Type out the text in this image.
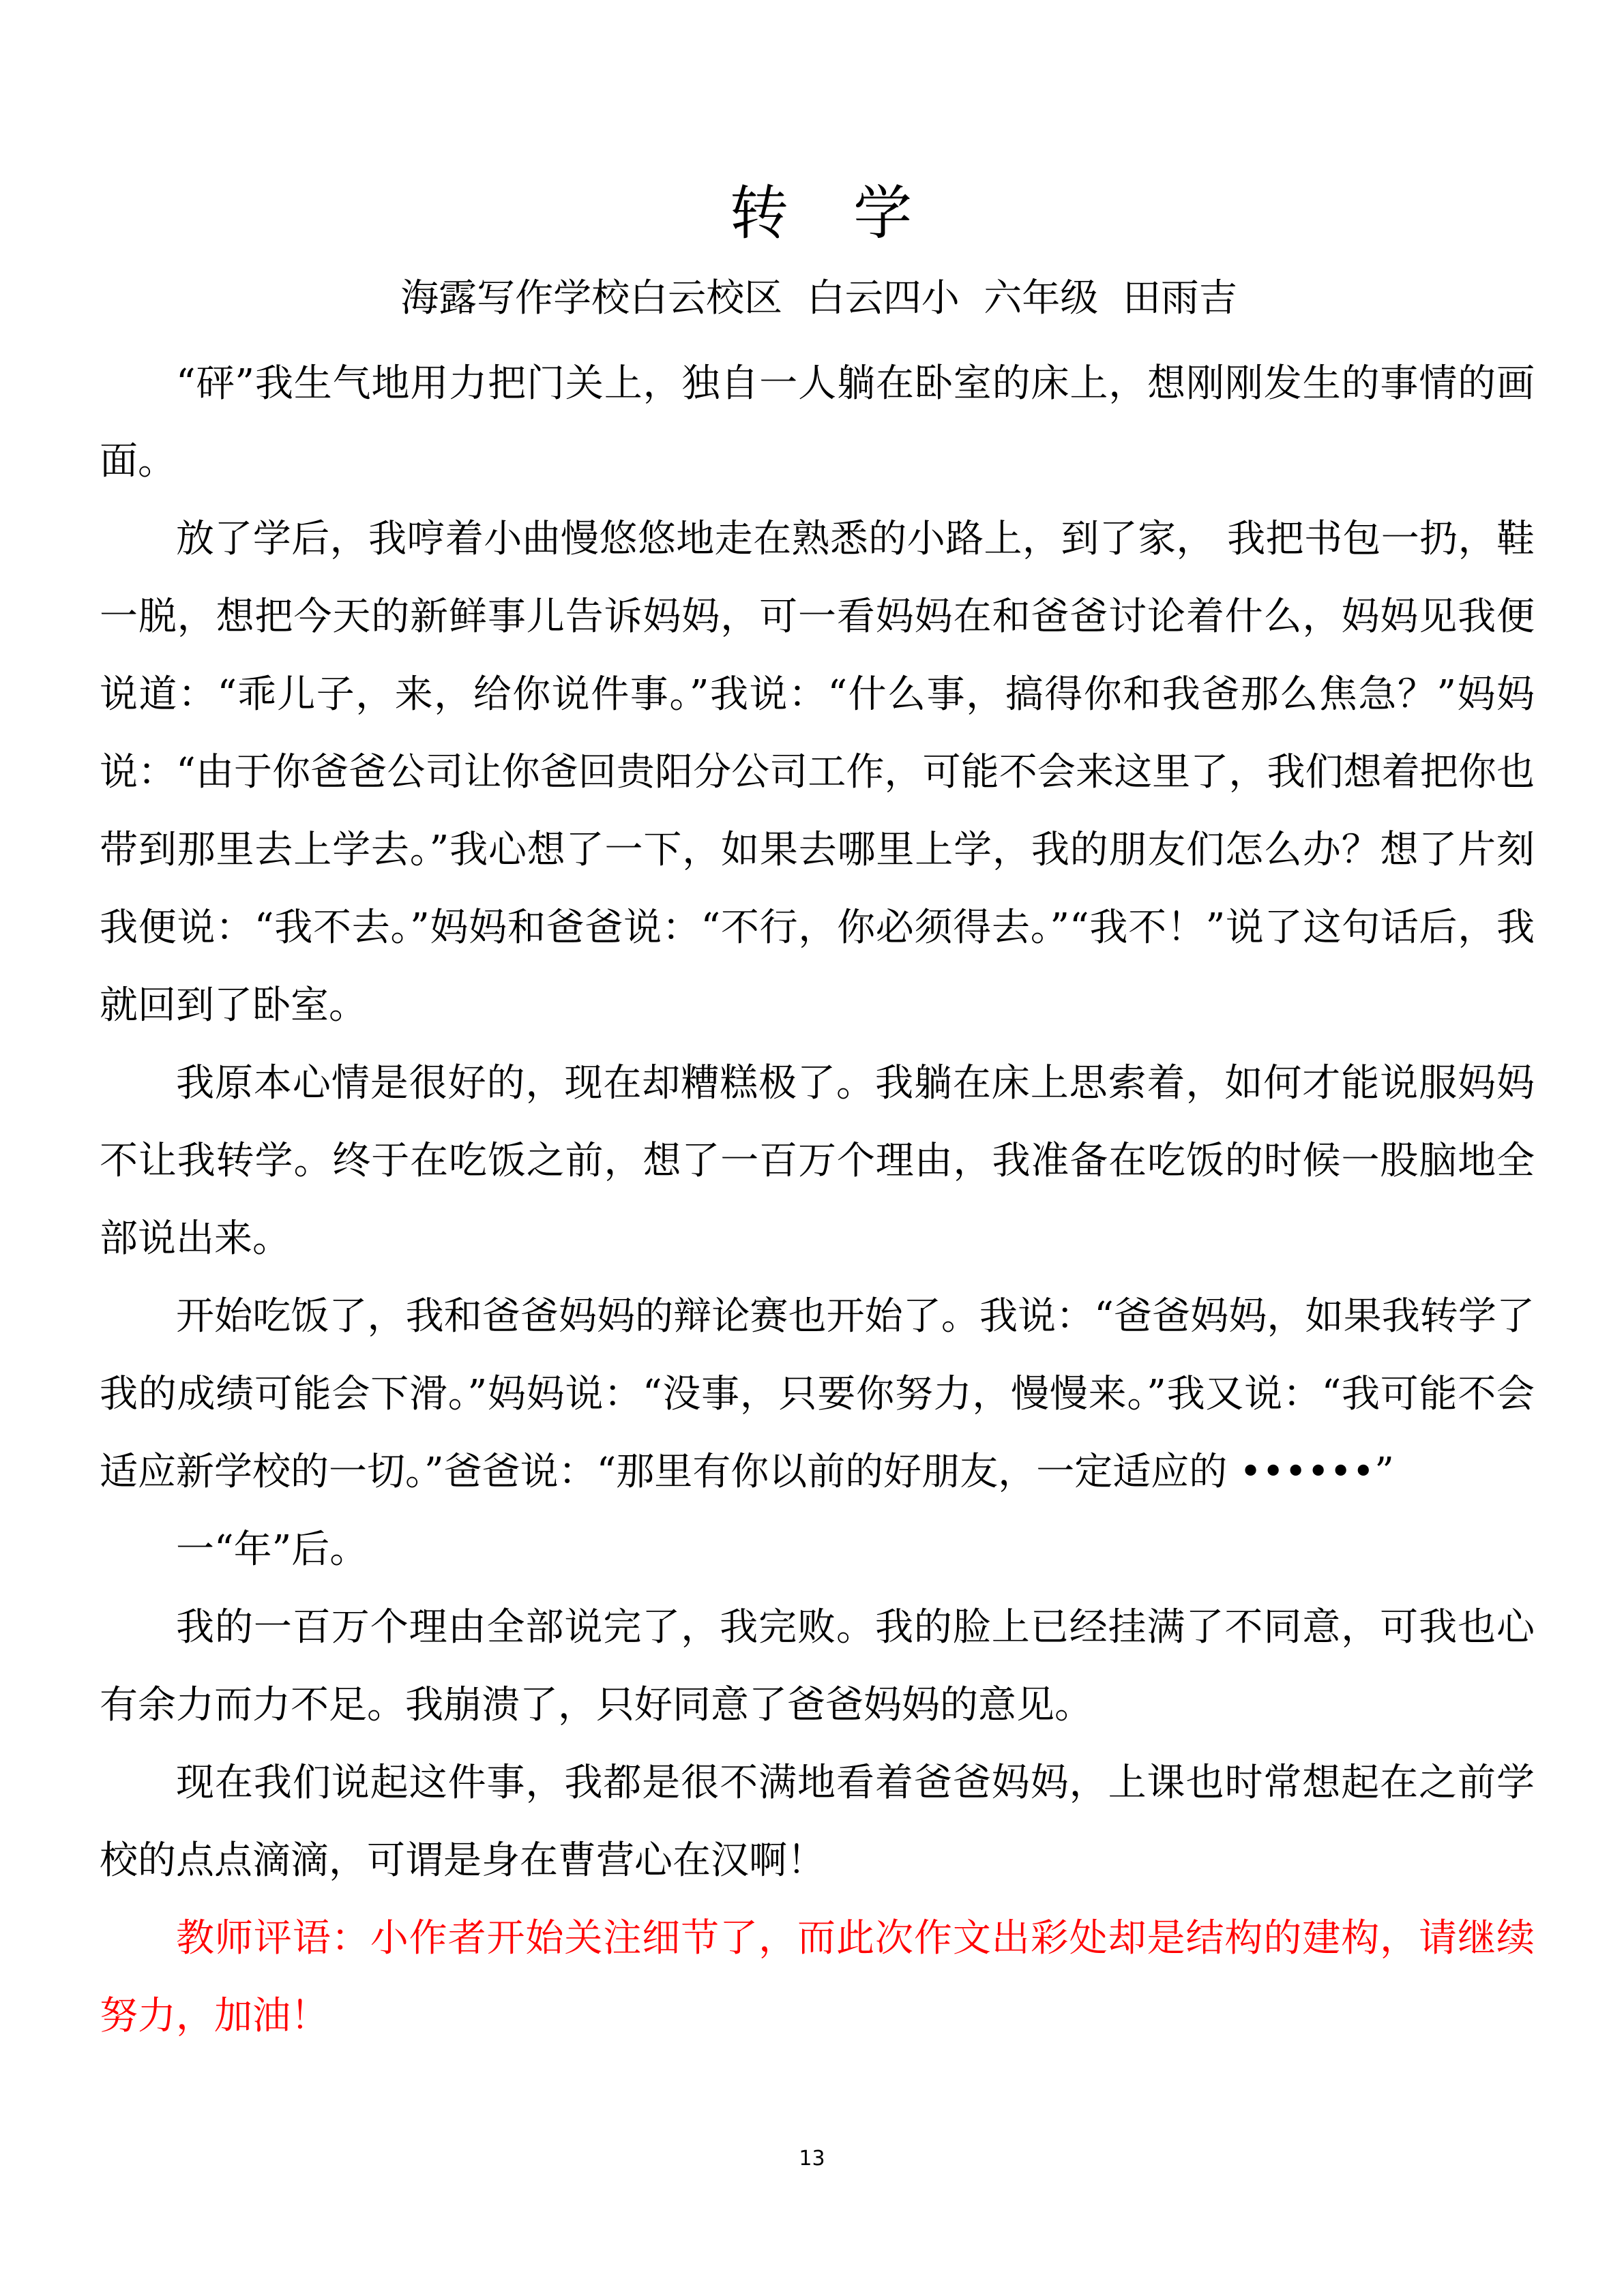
转 学
海露写作学校白云校区  白云四小  六年级  田雨吉

“砰”我生气地用力把门关上，独自一人躺在卧室的床上，想刚刚发生的事情的画面。

放了学后，我哼着小曲慢悠悠地走在熟悉的小路上，到了家， 我把书包一扔，鞋一脱，想把今天的新鲜事儿告诉妈妈，可一看妈妈在和爸爸讨论着什么，妈妈见我便说道：“乖儿子，来，给你说件事。”我说：“什么事，搞得你和我爸那么焦急？”妈妈说：“由于你爸爸公司让你爸回贵阳分公司工作，可能不会来这里了，我们想着把你也带到那里去上学去。”我心想了一下，如果去哪里上学，我的朋友们怎么办？想了片刻我便说：“我不去。”妈妈和爸爸说：“不行，你必须得去。”“我不！”说了这句话后，我就回到了卧室。

我原本心情是很好的，现在却糟糕极了。我躺在床上思索着，如何才能说服妈妈不让我转学。终于在吃饭之前，想了一百万个理由，我准备在吃饭的时候一股脑地全部说出来。

开始吃饭了，我和爸爸妈妈的辩论赛也开始了。我说：“爸爸妈妈，如果我转学了我的成绩可能会下滑。”妈妈说：“没事，只要你努力，慢慢来。”我又说：“我可能不会适应新学校的一切。”爸爸说：“那里有你以前的好朋友，一定适应的 ••••••”

一“年”后。

我的一百万个理由全部说完了，我完败。我的脸上已经挂满了不同意，可我也心有余力而力不足。我崩溃了，只好同意了爸爸妈妈的意见。

现在我们说起这件事，我都是很不满地看着爸爸妈妈，上课也时常想起在之前学校的点点滴滴，可谓是身在曹营心在汉啊！

教师评语：小作者开始关注细节了，而此次作文出彩处却是结构的建构，请继续努力，加油！

13
